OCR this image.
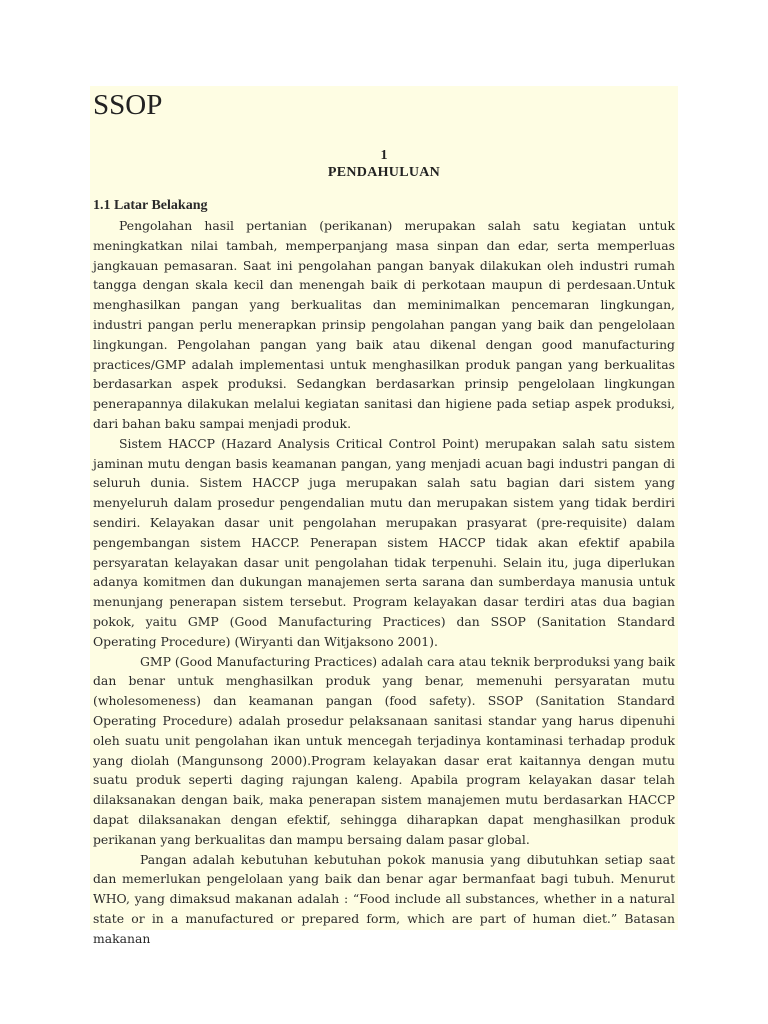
SSOP
1
PENDAHULUAN

1.1 Latar Belakang

Pengolahan hasil pertanian (perikanan) merupakan salah satu kegiatan untuk meningkatkan nilai tambah, memperpanjang masa sinpan dan edar, serta memperluas jangkauan pemasaran. Saat ini pengolahan pangan banyak dilakukan oleh industri rumah tangga dengan skala kecil dan menengah baik di perkotaan maupun di perdesaan.Untuk menghasilkan pangan yang berkualitas dan meminimalkan pencemaran lingkungan, industri pangan perlu menerapkan prinsip pengolahan pangan yang baik dan pengelolaan lingkungan. Pengolahan pangan yang baik atau dikenal dengan good manufacturing practices/GMP adalah implementasi untuk menghasilkan produk pangan yang berkualitas berdasarkan aspek produksi. Sedangkan berdasarkan prinsip pengelolaan lingkungan penerapannya dilakukan melalui kegiatan sanitasi dan higiene pada setiap aspek produksi, dari bahan baku sampai menjadi produk.

Sistem HACCP (Hazard Analysis Critical Control Point) merupakan salah satu sistem jaminan mutu dengan basis keamanan pangan, yang menjadi acuan bagi industri pangan di seluruh dunia. Sistem HACCP juga merupakan salah satu bagian dari sistem yang menyeluruh dalam prosedur pengendalian mutu dan merupakan sistem yang tidak berdiri sendiri. Kelayakan dasar unit pengolahan merupakan prasyarat (pre-requisite) dalam pengembangan sistem HACCP. Penerapan sistem HACCP tidak akan efektif apabila persyaratan kelayakan dasar unit pengolahan tidak terpenuhi. Selain itu, juga diperlukan adanya komitmen dan dukungan manajemen serta sarana dan sumberdaya manusia untuk menunjang penerapan sistem tersebut. Program kelayakan dasar terdiri atas dua bagian pokok, yaitu GMP (Good Manufacturing Practices) dan SSOP (Sanitation Standard Operating Procedure) (Wiryanti dan Witjaksono 2001).

GMP (Good Manufacturing Practices) adalah cara atau teknik berproduksi yang baik dan benar untuk menghasilkan produk yang benar, memenuhi persyaratan mutu (wholesomeness) dan keamanan pangan (food safety). SSOP (Sanitation Standard Operating Procedure) adalah prosedur pelaksanaan sanitasi standar yang harus dipenuhi oleh suatu unit pengolahan ikan untuk mencegah terjadinya kontaminasi terhadap produk yang diolah (Mangunsong 2000).Program kelayakan dasar erat kaitannya dengan mutu suatu produk seperti daging rajungan kaleng. Apabila program kelayakan dasar telah dilaksanakan dengan baik, maka penerapan sistem manajemen mutu berdasarkan HACCP dapat dilaksanakan dengan efektif, sehingga diharapkan dapat menghasilkan produk perikanan yang berkualitas dan mampu bersaing dalam pasar global.

Pangan adalah kebutuhan kebutuhan pokok manusia yang dibutuhkan setiap saat dan memerlukan pengelolaan yang baik dan benar agar bermanfaat bagi tubuh. Menurut WHO, yang dimaksud makanan adalah : “Food include all substances, whether in a natural state or in a manufactured or prepared form, which are part of human diet.” Batasan makanan
